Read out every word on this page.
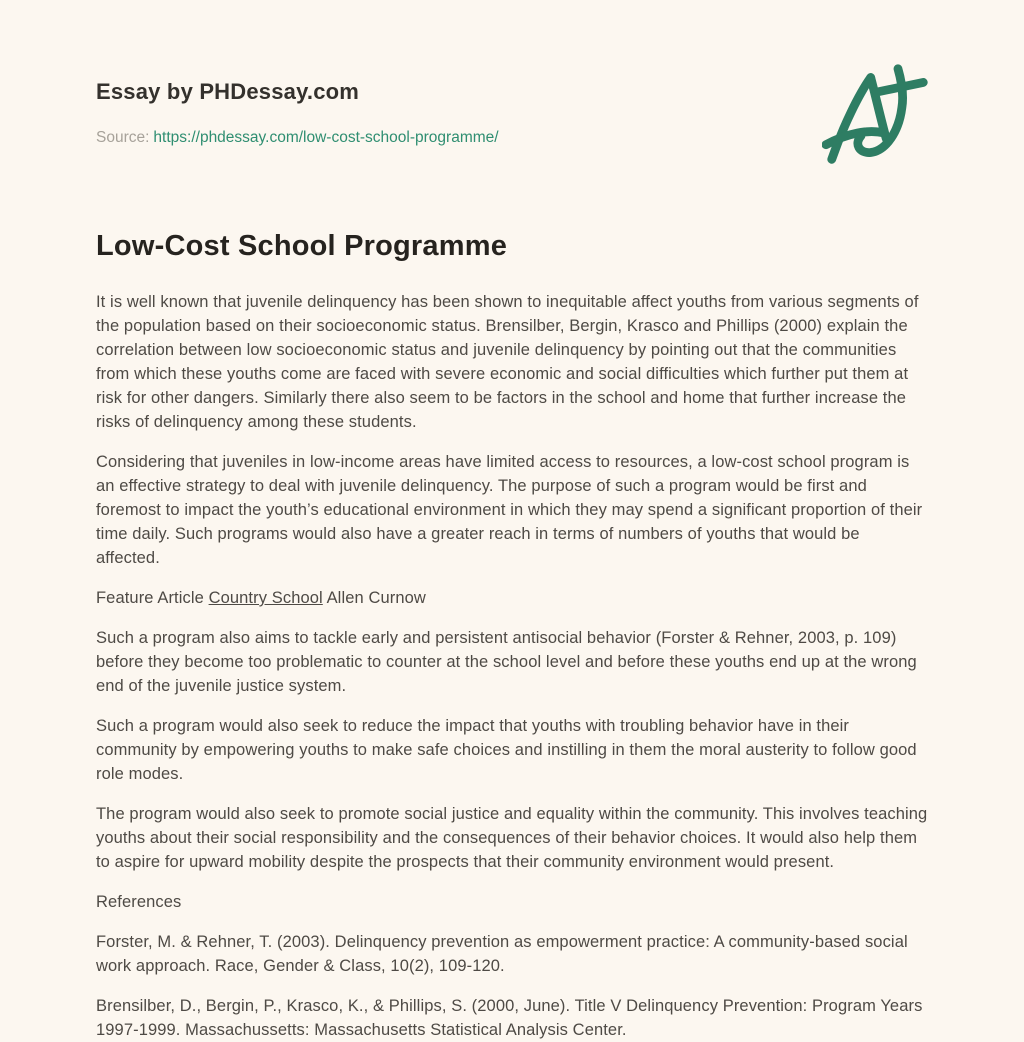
Essay by PHDessay.com
Source: https://phdessay.com/low-cost-school-programme/
Low-Cost School Programme

It is well known that juvenile delinquency has been shown to inequitable affect youths from various segments of the population based on their socioeconomic status. Brensilber, Bergin, Krasco and Phillips (2000) explain the correlation between low socioeconomic status and juvenile delinquency by pointing out that the communities from which these youths come are faced with severe economic and social difficulties which further put them at risk for other dangers. Similarly there also seem to be factors in the school and home that further increase the risks of delinquency among these students.

Considering that juveniles in low-income areas have limited access to resources, a low-cost school program is an effective strategy to deal with juvenile delinquency. The purpose of such a program would be first and foremost to impact the youth’s educational environment in which they may spend a significant proportion of their time daily. Such programs would also have a greater reach in terms of numbers of youths that would be affected.

Feature Article Country School Allen Curnow

Such a program also aims to tackle early and persistent antisocial behavior (Forster & Rehner, 2003, p. 109) before they become too problematic to counter at the school level and before these youths end up at the wrong end of the juvenile justice system.

Such a program would also seek to reduce the impact that youths with troubling behavior have in their community by empowering youths to make safe choices and instilling in them the moral austerity to follow good role modes.

The program would also seek to promote social justice and equality within the community. This involves teaching youths about their social responsibility and the consequences of their behavior choices. It would also help them to aspire for upward mobility despite the prospects that their community environment would present.

References

Forster, M. & Rehner, T. (2003). Delinquency prevention as empowerment practice: A community-based social work approach. Race, Gender & Class, 10(2), 109-120.

Brensilber, D., Bergin, P., Krasco, K., & Phillips, S. (2000, June). Title V Delinquency Prevention: Program Years 1997-1999. Massachussetts: Massachusetts Statistical Analysis Center.
